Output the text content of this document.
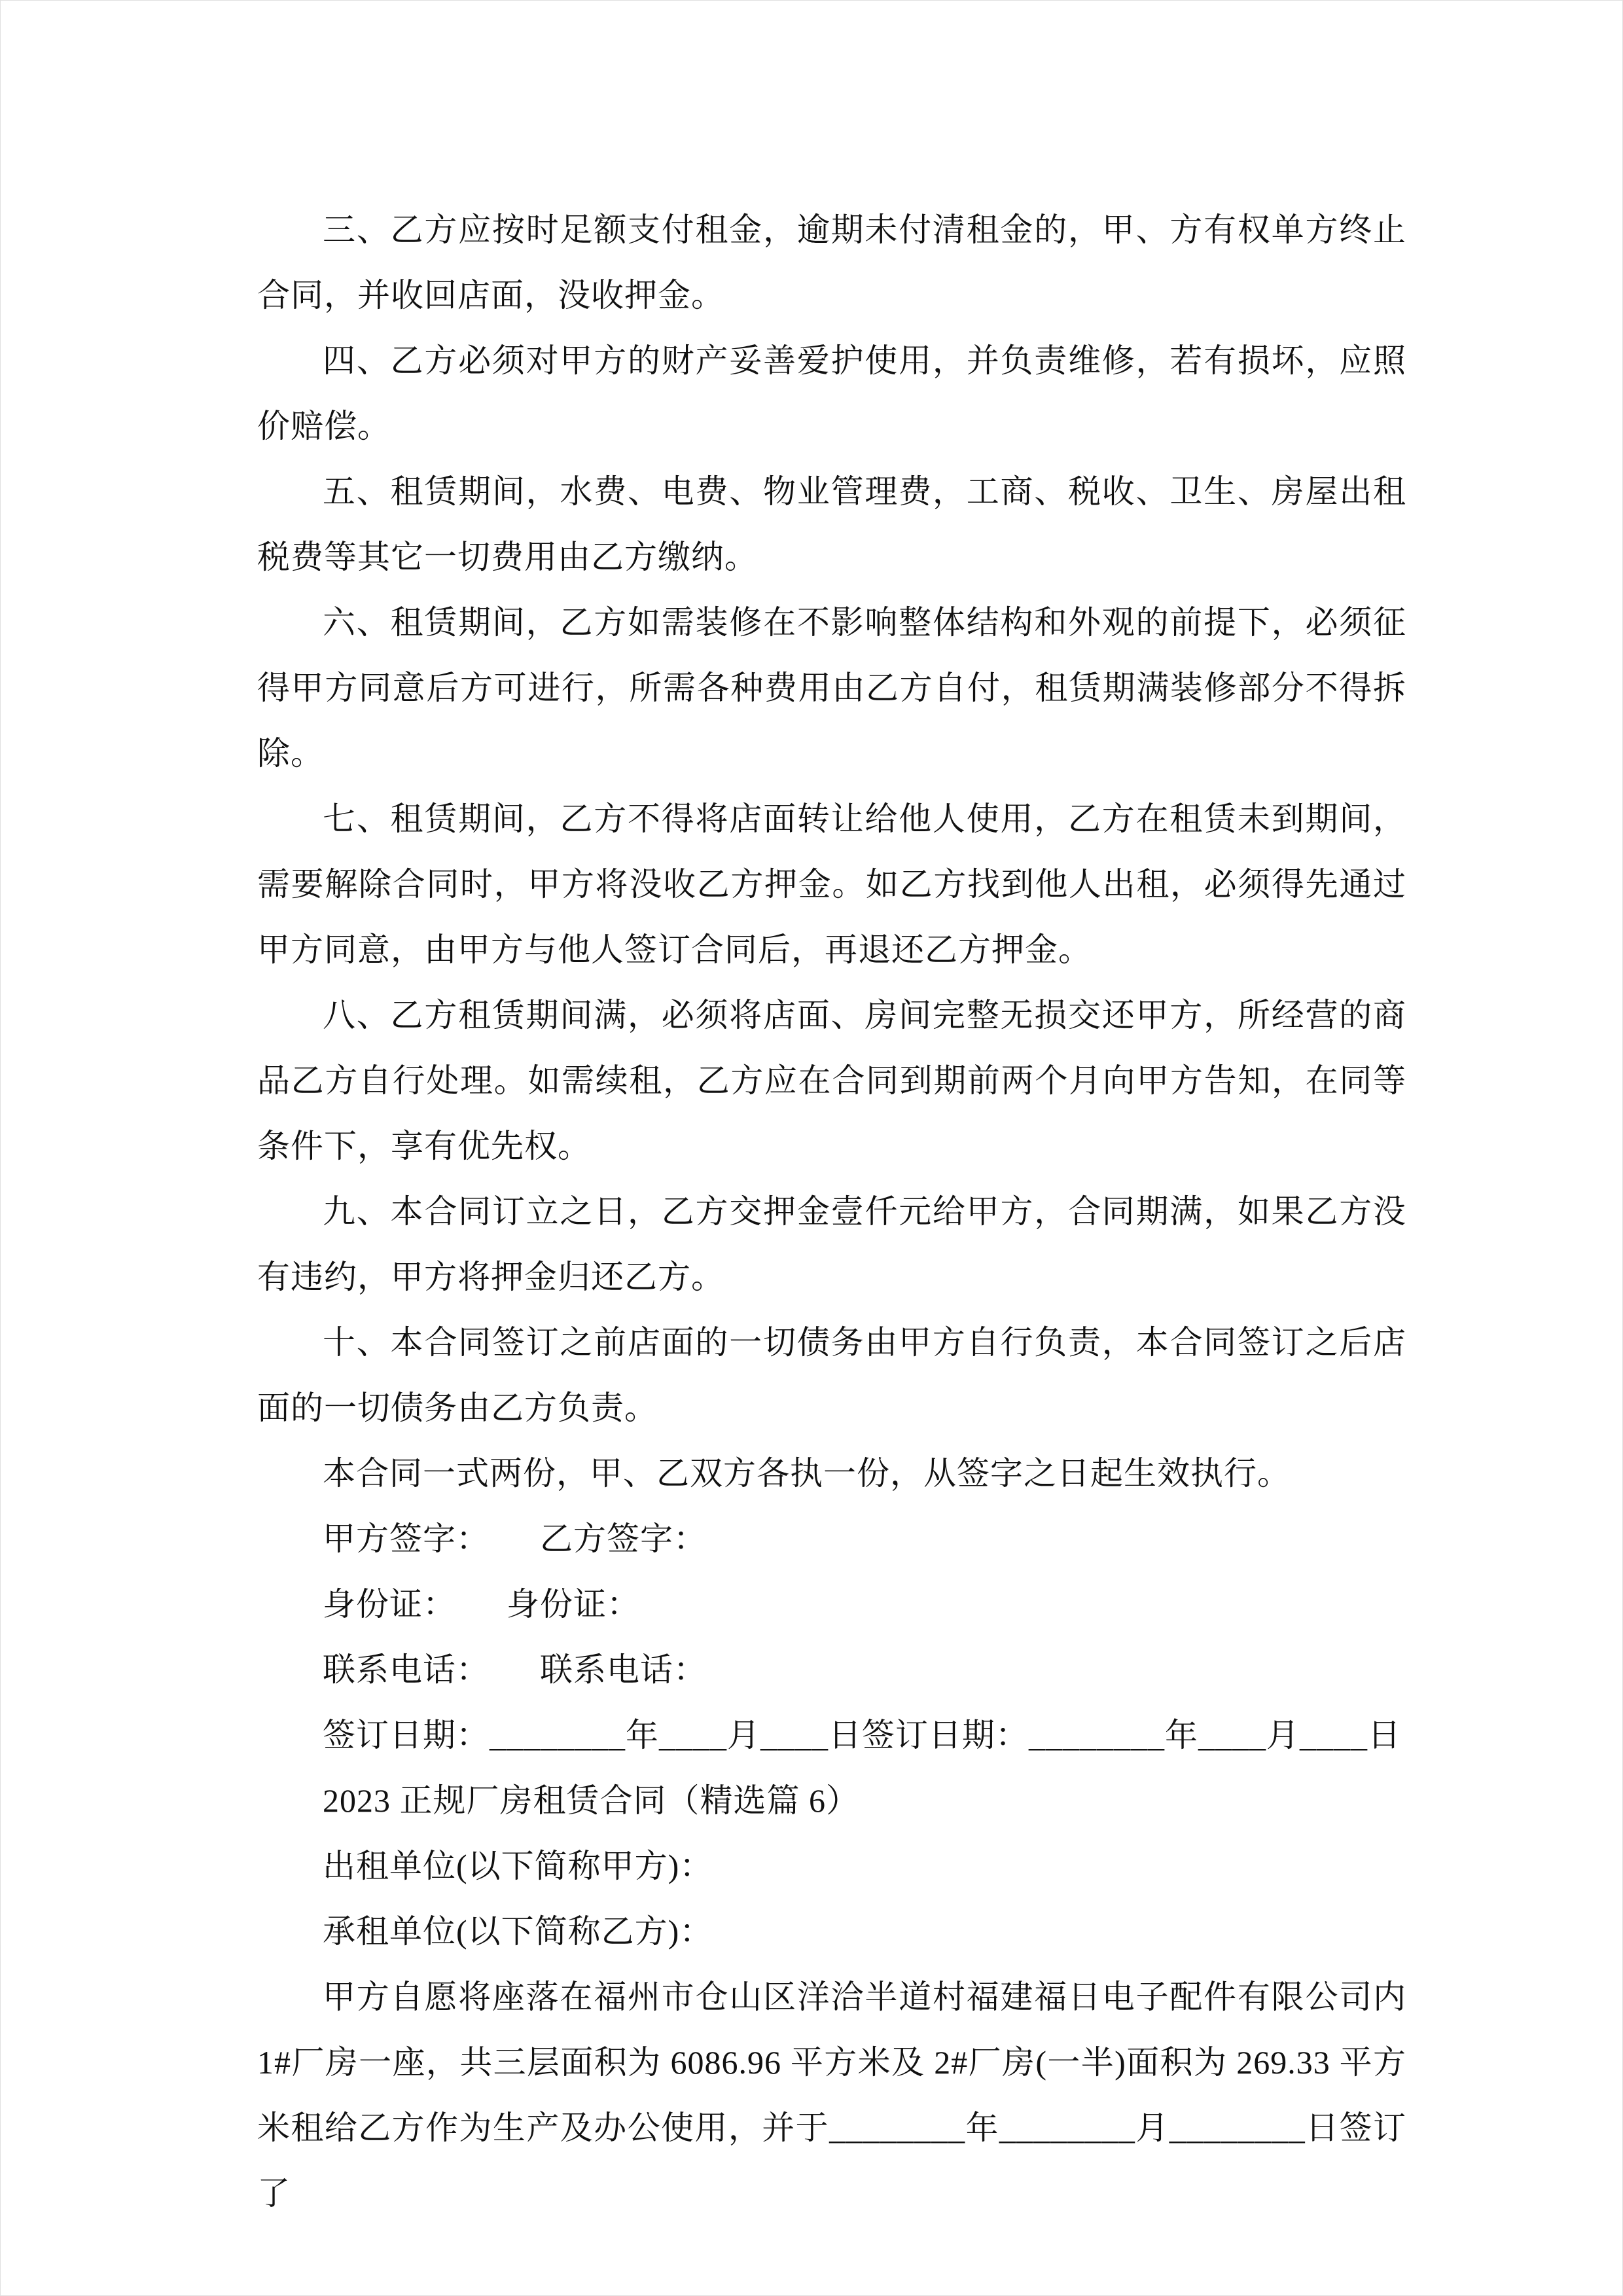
三、乙方应按时足额支付租金，逾期未付清租金的，甲、方有权单方终止合同，并收回店面，没收押金。

四、乙方必须对甲方的财产妥善爱护使用，并负责维修，若有损坏，应照价赔偿。

五、租赁期间，水费、电费、物业管理费，工商、税收、卫生、房屋出租税费等其它一切费用由乙方缴纳。

六、租赁期间，乙方如需装修在不影响整体结构和外观的前提下，必须征得甲方同意后方可进行，所需各种费用由乙方自付，租赁期满装修部分不得拆除。

七、租赁期间，乙方不得将店面转让给他人使用，乙方在租赁未到期间，需要解除合同时，甲方将没收乙方押金。如乙方找到他人出租，必须得先通过甲方同意，由甲方与他人签订合同后，再退还乙方押金。

八、乙方租赁期间满，必须将店面、房间完整无损交还甲方，所经营的商品乙方自行处理。如需续租，乙方应在合同到期前两个月向甲方告知，在同等条件下，享有优先权。

九、本合同订立之日，乙方交押金壹仟元给甲方，合同期满，如果乙方没有违约，甲方将押金归还乙方。

十、本合同签订之前店面的一切债务由甲方自行负责，本合同签订之后店面的一切债务由乙方负责。

本合同一式两份，甲、乙双方各执一份，从签字之日起生效执行。

甲方签字：　　乙方签字：

身份证：　　身份证：

联系电话：　　联系电话：

签订日期：________年____月____日签订日期：________年____月____日

2023 正规厂房租赁合同（精选篇 6）

出租单位(以下简称甲方)：

承租单位(以下简称乙方)：

甲方自愿将座落在福州市仓山区洋洽半道村福建福日电子配件有限公司内 1#厂房一座，共三层面积为 6086.96 平方米及 2#厂房(一半)面积为 269.33 平方米租给乙方作为生产及办公使用，并于________年________月________日签订了
